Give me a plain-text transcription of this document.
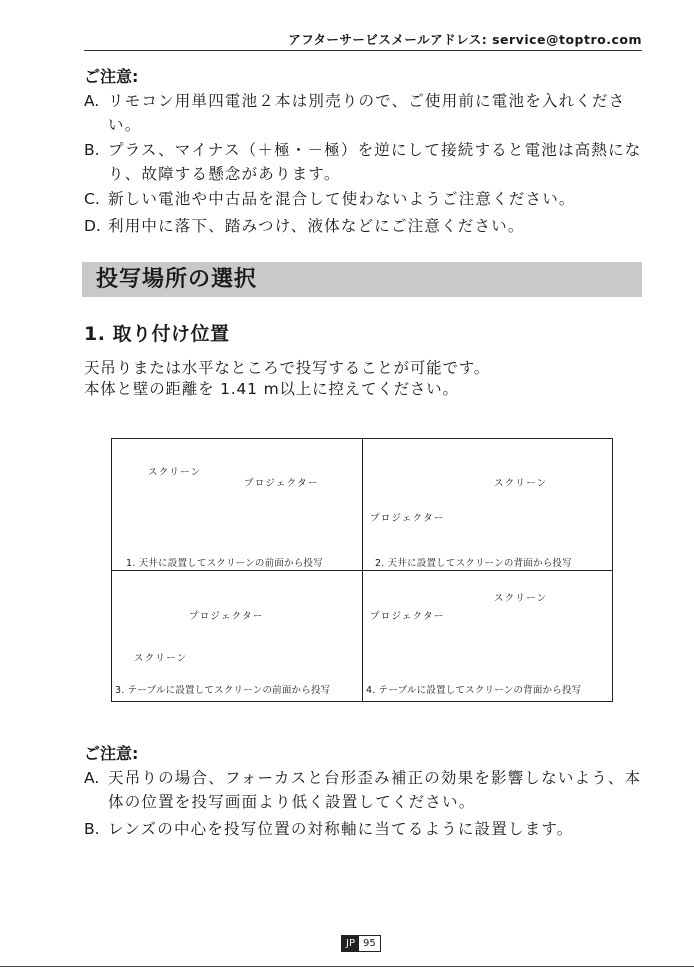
アフターサービスメールアドレス: service@toptro.com
ご注意:
A. リモコン用単四電池２本は別売りので、ご使用前に電池を入れください。
B. プラス、マイナス（＋極・－極）を逆にして接続すると電池は高熱になり、故障する懸念があります。
C. 新しい電池や中古品を混合して使わないようご注意ください。
D. 利用中に落下、踏みつけ、液体などにご注意ください。
投写場所の選択
1. 取り付け位置
天吊りまたは水平なところで投写することが可能です。
本体と壁の距離を 1.41 m以上に控えてください。
スクリーン
プロジェクター
1. 天井に設置してスクリーンの前面から投写
スクリーン
プロジェクター
2. 天井に設置してスクリーンの背面から投写
プロジェクター
スクリーン
3. テーブルに設置してスクリーンの前面から投写
スクリーン
プロジェクター
4. テーブルに設置してスクリーンの背面から投写
ご注意:
A. 天吊りの場合、フォーカスと台形歪み補正の効果を影響しないよう、本体の位置を投写画面より低く設置してください。
B. レンズの中心を投写位置の対称軸に当てるように設置します。
JP 95
